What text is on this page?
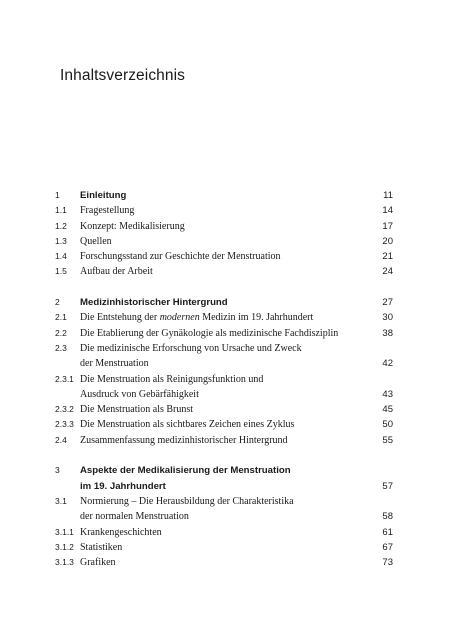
Inhaltsverzeichnis
1	Einleitung	11
1.1	Fragestellung	14
1.2	Konzept: Medikalisierung	17
1.3	Quellen	20
1.4	Forschungsstand zur Geschichte der Menstruation	21
1.5	Aufbau der Arbeit	24
2	Medizinhistorischer Hintergrund	27
2.1	Die Entstehung der modernen Medizin im 19. Jahrhundert	30
2.2	Die Etablierung der Gynäkologie als medizinische Fachdisziplin	38
2.3	Die medizinische Erforschung von Ursache und Zweck
der Menstruation	42
2.3.1 Die Menstruation als Reinigungsfunktion und
Ausdruck von Gebärfähigkeit	43
2.3.2 Die Menstruation als Brunst	45
2.3.3 Die Menstruation als sichtbares Zeichen eines Zyklus	50
2.4	Zusammenfassung medizinhistorischer Hintergrund	55
3	Aspekte der Medikalisierung der Menstruation
im 19. Jahrhundert	57
3.1	Normierung – Die Herausbildung der Charakteristika
der normalen Menstruation	58
3.1.1 Krankengeschichten	61
3.1.2 Statistiken	67
3.1.3 Grafiken	73
